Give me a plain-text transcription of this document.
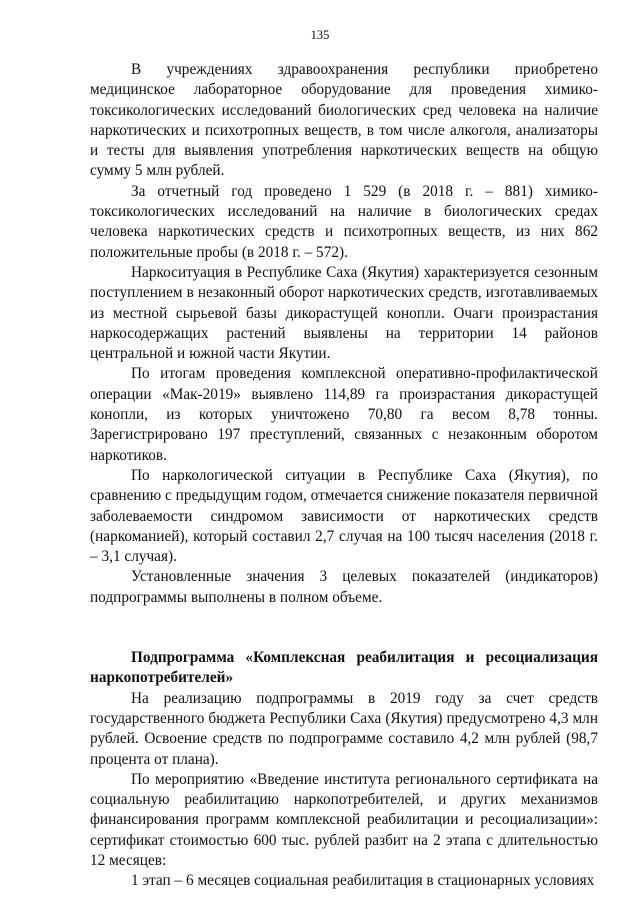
135

В учреждениях здравоохранения республики приобретено медицинское лабораторное оборудование для проведения химико-токсикологических исследований биологических сред человека на наличие наркотических и психотропных веществ, в том числе алкоголя, анализаторы и тесты для выявления употребления наркотических веществ на общую сумму 5 млн рублей.

За отчетный год проведено 1 529 (в 2018 г. – 881) химико-токсикологических исследований на наличие в биологических средах человека наркотических средств и психотропных веществ, из них 862 положительные пробы (в 2018 г. – 572).

Наркоситуация в Республике Саха (Якутия) характеризуется сезонным поступлением в незаконный оборот наркотических средств, изготавливаемых из местной сырьевой базы дикорастущей конопли. Очаги произрастания наркосодержащих растений выявлены на территории 14 районов центральной и южной части Якутии.

По итогам проведения комплексной оперативно-профилактической операции «Мак-2019» выявлено 114,89 га произрастания дикорастущей конопли, из которых уничтожено 70,80 га весом 8,78 тонны. Зарегистрировано 197 преступлений, связанных с незаконным оборотом наркотиков.

По наркологической ситуации в Республике Саха (Якутия), по сравнению с предыдущим годом, отмечается снижение показателя первичной заболеваемости синдромом зависимости от наркотических средств (наркоманией), который составил 2,7 случая на 100 тысяч населения (2018 г. – 3,1 случая).

Установленные значения 3 целевых показателей (индикаторов) подпрограммы выполнены в полном объеме.

Подпрограмма «Комплексная реабилитация и ресоциализация наркопотребителей»

На реализацию подпрограммы в 2019 году за счет средств государственного бюджета Республики Саха (Якутия) предусмотрено 4,3 млн рублей. Освоение средств по подпрограмме составило 4,2 млн рублей (98,7 процента от плана).

По мероприятию «Введение института регионального сертификата на социальную реабилитацию наркопотребителей, и других механизмов финансирования программ комплексной реабилитации и ресоциализации»: сертификат стоимостью 600 тыс. рублей разбит на 2 этапа с длительностью 12 месяцев:

1 этап – 6 месяцев социальная реабилитация в стационарных условиях
